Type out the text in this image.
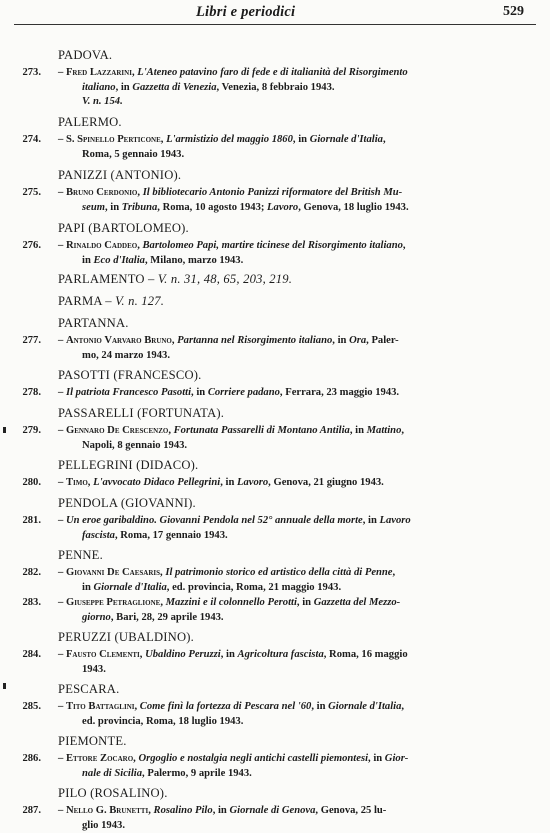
Libri e periodici	529
PADOVA.
273. – Fred Lazzarini, L'Ateneo patavino faro di fede e di italianità del Risorgimento
italiano, in Gazzetta di Venezia, Venezia, 8 febbraio 1943.
V. n. 154.
PALERMO.
274. – S. Spinello Perticone, L'armistizio del maggio 1860, in Giornale d'Italia,
Roma, 5 gennaio 1943.
PANIZZI (ANTONIO).
275. – Bruno Cerdonio, Il bibliotecario Antonio Panizzi riformatore del British Mu-
seum, in Tribuna, Roma, 10 agosto 1943; Lavoro, Genova, 18 luglio 1943.
PAPI (BARTOLOMEO).
276. – Rinaldo Caddeo, Bartolomeo Papi, martire ticinese del Risorgimento italiano,
in Eco d'Italia, Milano, marzo 1943.
PARLAMENTO – V. n. 31, 48, 65, 203, 219.
PARMA – V. n. 127.
PARTANNA.
277. – Antonio Varvaro Bruno, Partanna nel Risorgimento italiano, in Ora, Paler-
mo, 24 marzo 1943.
PASOTTI (FRANCESCO).
278. – Il patriota Francesco Pasotti, in Corriere padano, Ferrara, 23 maggio 1943.
PASSARELLI (FORTUNATA).
279. – Gennaro De Crescenzo, Fortunata Passarelli di Montano Antilia, in Mattino,
Napoli, 8 gennaio 1943.
PELLEGRINI (DIDACO).
280. – Timo, L'avvocato Didaco Pellegrini, in Lavoro, Genova, 21 giugno 1943.
PENDOLA (GIOVANNI).
281. – Un eroe garibaldino. Giovanni Pendola nel 52° annuale della morte, in Lavoro
fascista, Roma, 17 gennaio 1943.
PENNE.
282. – Giovanni De Caesaris, Il patrimonio storico ed artistico della città di Penne,
in Giornale d'Italia, ed. provincia, Roma, 21 maggio 1943.
283. – Giuseppe Petraglione, Mazzini e il colonnello Perotti, in Gazzetta del Mezzo-
giorno, Bari, 28, 29 aprile 1943.
PERUZZI (UBALDINO).
284. – Fausto Clementi, Ubaldino Peruzzi, in Agricoltura fascista, Roma, 16 maggio
1943.
PESCARA.
285. – Tito Battaglini, Come finì la fortezza di Pescara nel '60, in Giornale d'Italia,
ed. provincia, Roma, 18 luglio 1943.
PIEMONTE.
286. – Ettore Zocaro, Orgoglio e nostalgia negli antichi castelli piemontesi, in Gior-
nale di Sicilia, Palermo, 9 aprile 1943.
PILO (ROSALINO).
287. – Nello G. Brunetti, Rosalino Pilo, in Giornale di Genova, Genova, 25 lu-
glio 1943.
